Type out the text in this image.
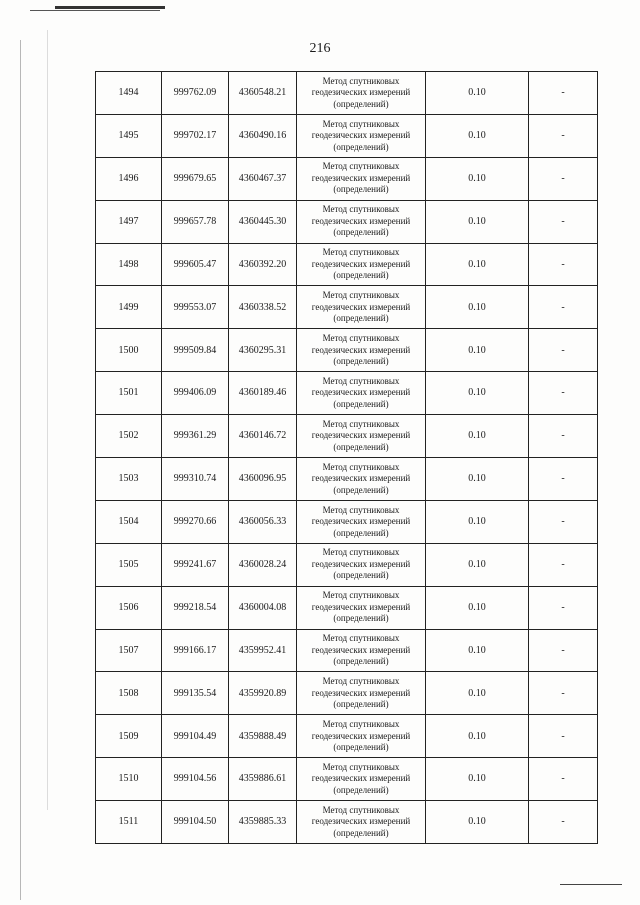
216
1494	999762.09	4360548.21	Метод спутниковых
геодезических измерений
(определений)	0.10	-
1495	999702.17	4360490.16	Метод спутниковых
геодезических измерений
(определений)	0.10	-
1496	999679.65	4360467.37	Метод спутниковых
геодезических измерений
(определений)	0.10	-
1497	999657.78	4360445.30	Метод спутниковых
геодезических измерений
(определений)	0.10	-
1498	999605.47	4360392.20	Метод спутниковых
геодезических измерений
(определений)	0.10	-
1499	999553.07	4360338.52	Метод спутниковых
геодезических измерений
(определений)	0.10	-
1500	999509.84	4360295.31	Метод спутниковых
геодезических измерений
(определений)	0.10	-
1501	999406.09	4360189.46	Метод спутниковых
геодезических измерений
(определений)	0.10	-
1502	999361.29	4360146.72	Метод спутниковых
геодезических измерений
(определений)	0.10	-
1503	999310.74	4360096.95	Метод спутниковых
геодезических измерений
(определений)	0.10	-
1504	999270.66	4360056.33	Метод спутниковых
геодезических измерений
(определений)	0.10	-
1505	999241.67	4360028.24	Метод спутниковых
геодезических измерений
(определений)	0.10	-
1506	999218.54	4360004.08	Метод спутниковых
геодезических измерений
(определений)	0.10	-
1507	999166.17	4359952.41	Метод спутниковых
геодезических измерений
(определений)	0.10	-
1508	999135.54	4359920.89	Метод спутниковых
геодезических измерений
(определений)	0.10	-
1509	999104.49	4359888.49	Метод спутниковых
геодезических измерений
(определений)	0.10	-
1510	999104.56	4359886.61	Метод спутниковых
геодезических измерений
(определений)	0.10	-
1511	999104.50	4359885.33	Метод спутниковых
геодезических измерений
(определений)	0.10	-
